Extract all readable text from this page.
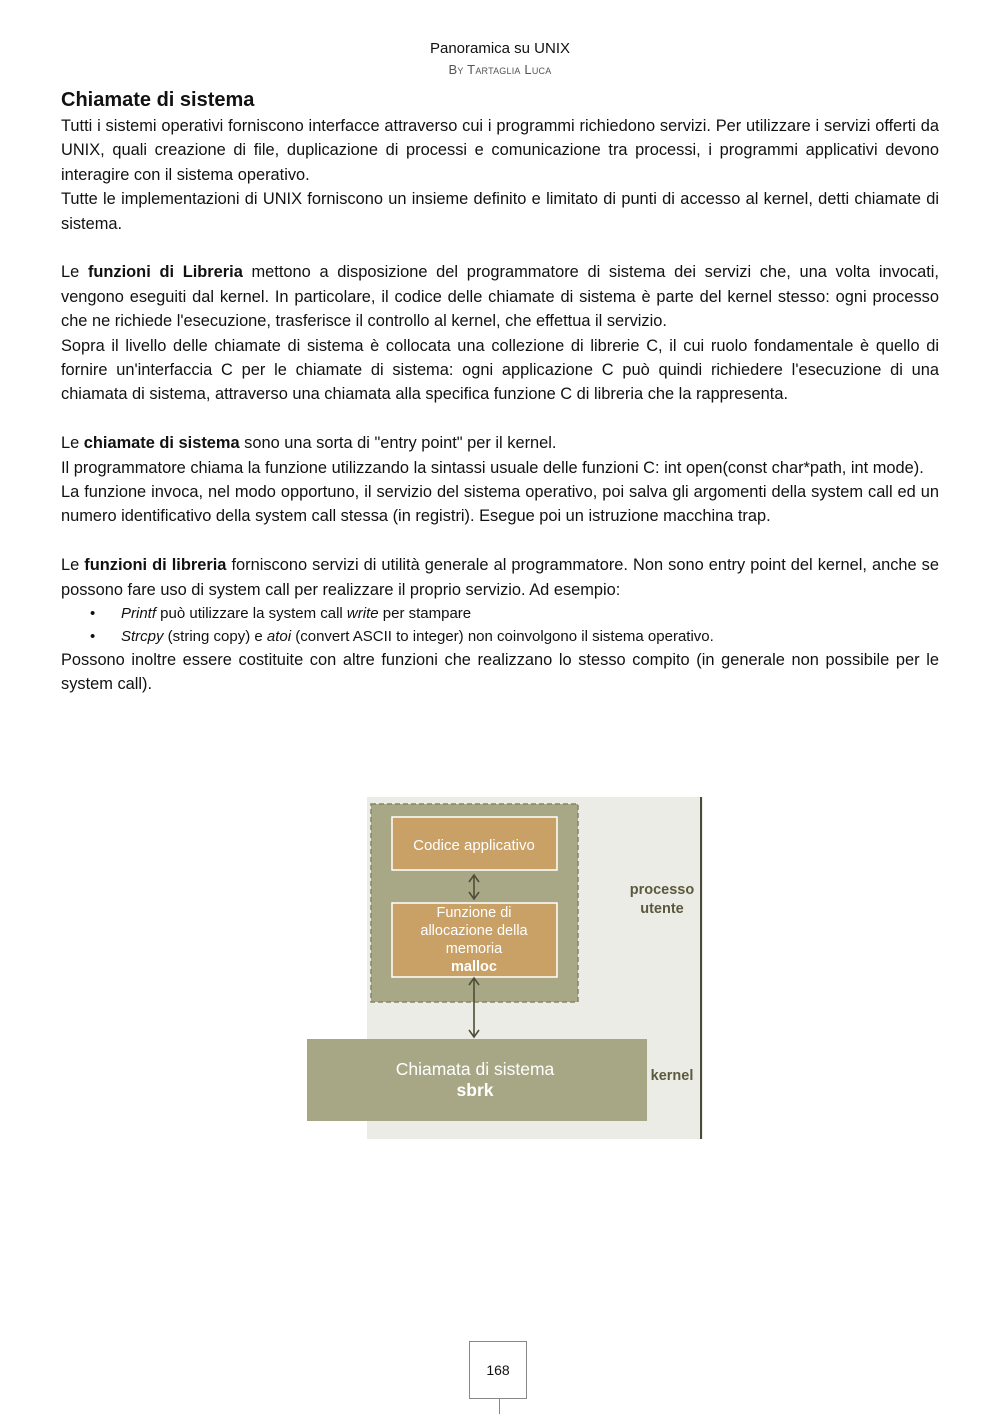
Panoramica su UNIX
By Tartaglia Luca
Chiamate di sistema

Tutti i sistemi operativi forniscono interfacce attraverso cui i programmi richiedono servizi. Per utilizzare i servizi offerti da UNIX, quali creazione di file, duplicazione di processi e comunicazione tra processi, i programmi applicativi devono interagire con il sistema operativo.

Tutte le implementazioni di UNIX forniscono un insieme definito e limitato di punti di accesso al kernel, detti chiamate di sistema.

Le funzioni di Libreria mettono a disposizione del programmatore di sistema dei servizi che, una volta invocati, vengono eseguiti dal kernel. In particolare, il codice delle chiamate di sistema è parte del kernel stesso: ogni processo che ne richiede l'esecuzione, trasferisce il controllo al kernel, che effettua il servizio.

Sopra il livello delle chiamate di sistema è collocata una collezione di librerie C, il cui ruolo fondamentale è quello di fornire un'interfaccia C per le chiamate di sistema: ogni applicazione C può quindi richiedere l'esecuzione di una chiamata di sistema, attraverso una chiamata alla specifica funzione C di libreria che la rappresenta.

Le chiamate di sistema sono una sorta di "entry point" per il kernel.

Il programmatore chiama la funzione utilizzando la sintassi usuale delle funzioni C: int open(const char*path, int mode).

La funzione invoca, nel modo opportuno, il servizio del sistema operativo, poi salva gli argomenti della system call ed un numero identificativo della system call stessa (in registri). Esegue poi un istruzione macchina trap.

Le funzioni di libreria forniscono servizi di utilità generale al programmatore. Non sono entry point del kernel, anche se possono fare uso di system call per realizzare il proprio servizio. Ad esempio:

• Printf può utilizzare la system call write per stampare
• Strcpy (string copy) e atoi (convert ASCII to integer) non coinvolgono il sistema operativo.

Possono inoltre essere costituite con altre funzioni che realizzano lo stesso compito (in generale non possibile per le system call).

Codice applicativo
Funzione di
allocazione della
memoria
malloc
processo
utente
Chiamata di sistema
sbrk
kernel
168
